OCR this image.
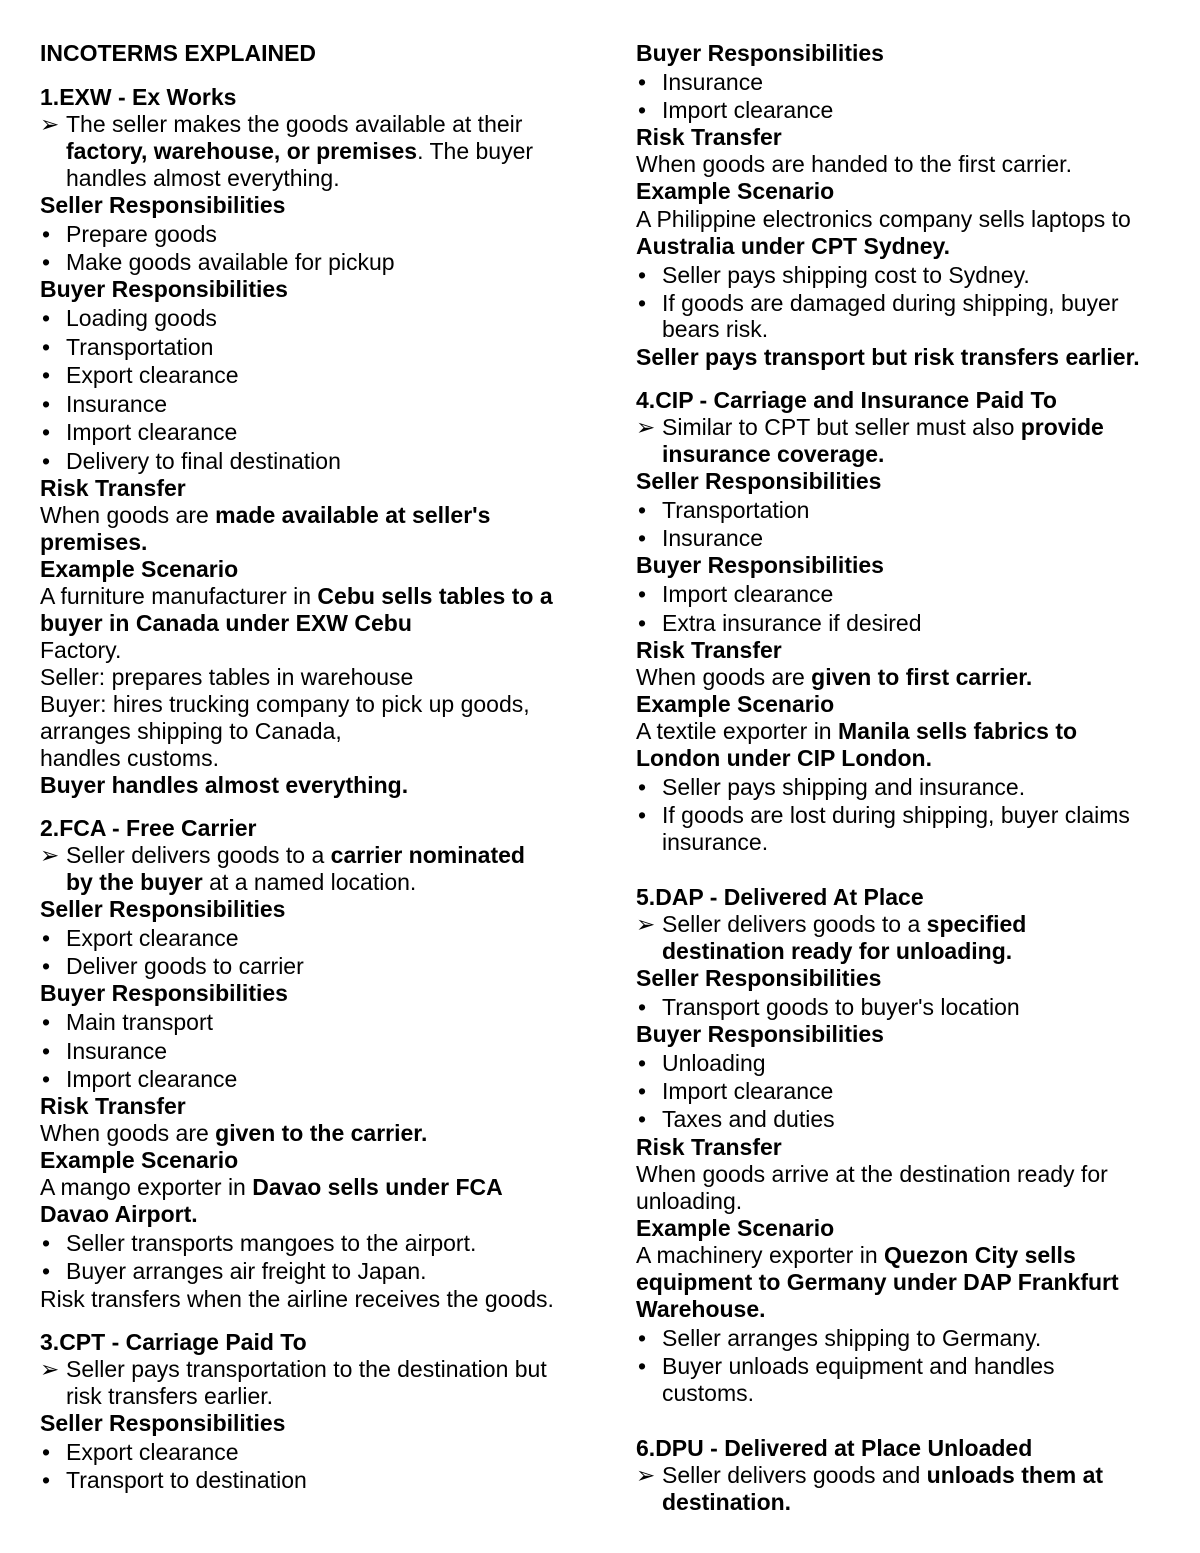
INCOTERMS EXPLAINED
1.EXW - Ex Works
➢ The seller makes the goods available at their
factory, warehouse, or premises. The buyer
handles almost everything.
Seller Responsibilities
• Prepare goods
• Make goods available for pickup
Buyer Responsibilities
• Loading goods
• Transportation
• Export clearance
• Insurance
• Import clearance
• Delivery to final destination
Risk Transfer
When goods are made available at seller's
premises.
Example Scenario
A furniture manufacturer in Cebu sells tables to a
buyer in Canada under EXW Cebu
Factory.
Seller: prepares tables in warehouse
Buyer: hires trucking company to pick up goods,
arranges shipping to Canada,
handles customs.
Buyer handles almost everything.
2.FCA - Free Carrier
➢ Seller delivers goods to a carrier nominated
by the buyer at a named location.
Seller Responsibilities
• Export clearance
• Deliver goods to carrier
Buyer Responsibilities
• Main transport
• Insurance
• Import clearance
Risk Transfer
When goods are given to the carrier.
Example Scenario
A mango exporter in Davao sells under FCA
Davao Airport.
• Seller transports mangoes to the airport.
• Buyer arranges air freight to Japan.
Risk transfers when the airline receives the goods.
3.CPT - Carriage Paid To
➢ Seller pays transportation to the destination but
risk transfers earlier.
Seller Responsibilities
• Export clearance
• Transport to destination
Buyer Responsibilities
• Insurance
• Import clearance
Risk Transfer
When goods are handed to the first carrier.
Example Scenario
A Philippine electronics company sells laptops to
Australia under CPT Sydney.
• Seller pays shipping cost to Sydney.
• If goods are damaged during shipping, buyer
bears risk.
Seller pays transport but risk transfers earlier.
4.CIP - Carriage and Insurance Paid To
➢ Similar to CPT but seller must also provide
insurance coverage.
Seller Responsibilities
• Transportation
• Insurance
Buyer Responsibilities
• Import clearance
• Extra insurance if desired
Risk Transfer
When goods are given to first carrier.
Example Scenario
A textile exporter in Manila sells fabrics to
London under CIP London.
• Seller pays shipping and insurance.
• If goods are lost during shipping, buyer claims
insurance.
5.DAP - Delivered At Place
➢ Seller delivers goods to a specified
destination ready for unloading.
Seller Responsibilities
• Transport goods to buyer's location
Buyer Responsibilities
• Unloading
• Import clearance
• Taxes and duties
Risk Transfer
When goods arrive at the destination ready for
unloading.
Example Scenario
A machinery exporter in Quezon City sells
equipment to Germany under DAP Frankfurt
Warehouse.
• Seller arranges shipping to Germany.
• Buyer unloads equipment and handles
customs.
6.DPU - Delivered at Place Unloaded
➢ Seller delivers goods and unloads them at
destination.
